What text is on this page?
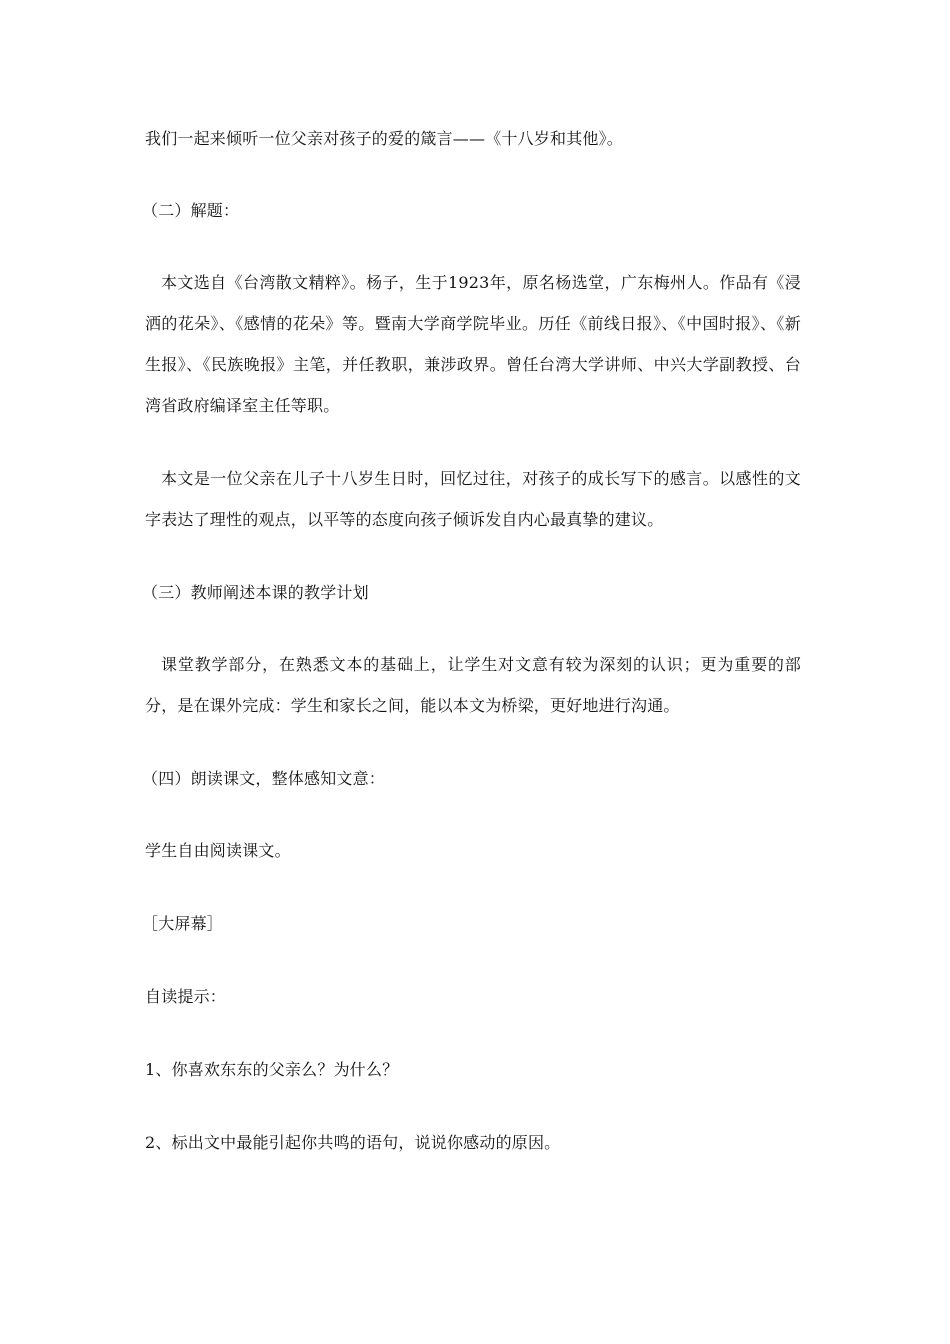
我们一起来倾听一位父亲对孩子的爱的箴言——《十八岁和其他》。
（二）解题：
本文选自《台湾散文精粹》。杨子，生于1923年，原名杨选堂，广东梅州人。作品有《浸洒的花朵》、《感情的花朵》等。暨南大学商学院毕业。历任《前线日报》、《中国时报》、《新生报》、《民族晚报》主笔，并任教职，兼涉政界。曾任台湾大学讲师、中兴大学副教授、台湾省政府编译室主任等职。
本文是一位父亲在儿子十八岁生日时，回忆过往，对孩子的成长写下的感言。以感性的文字表达了理性的观点，以平等的态度向孩子倾诉发自内心最真挚的建议。
（三）教师阐述本课的教学计划
课堂教学部分，在熟悉文本的基础上，让学生对文意有较为深刻的认识；更为重要的部分，是在课外完成：学生和家长之间，能以本文为桥梁，更好地进行沟通。
（四）朗读课文，整体感知文意：
学生自由阅读课文。
［大屏幕］
自读提示：
1、你喜欢东东的父亲么？为什么？
2、标出文中最能引起你共鸣的语句，说说你感动的原因。
